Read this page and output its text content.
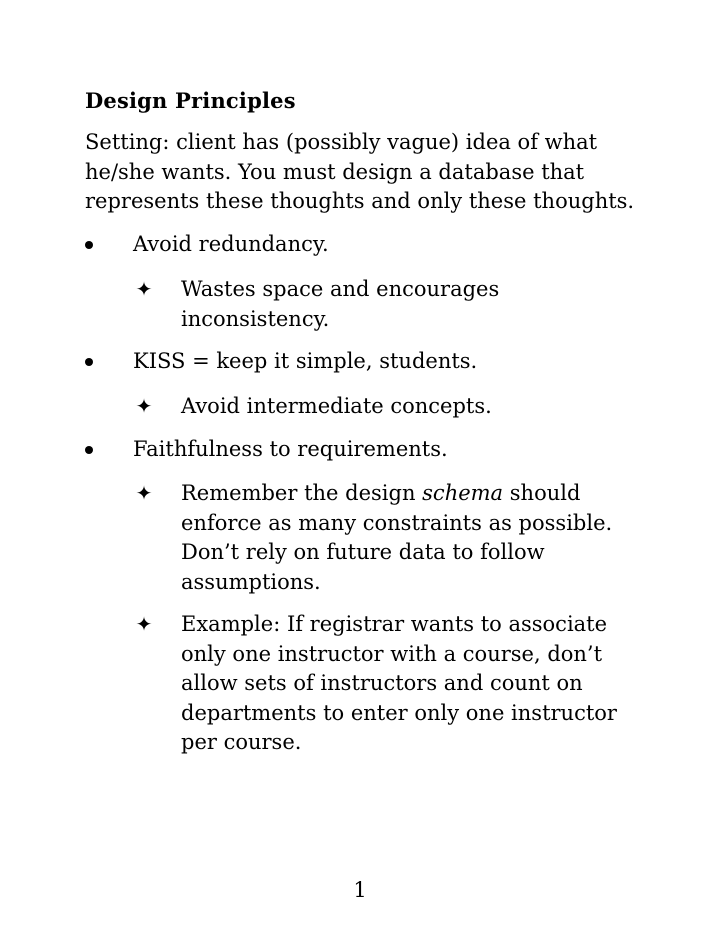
Design Principles
Setting: client has (possibly vague) idea of what
he/she wants. You must design a database that
represents these thoughts and only these thoughts.
Avoid redundancy.
✦ Wastes space and encourages
inconsistency.
KISS = keep it simple, students.
✦ Avoid intermediate concepts.
Faithfulness to requirements.
✦ Remember the design schema should
enforce as many constraints as possible.
Don’t rely on future data to follow
assumptions.
✦ Example: If registrar wants to associate
only one instructor with a course, don’t
allow sets of instructors and count on
departments to enter only one instructor
per course.
1
